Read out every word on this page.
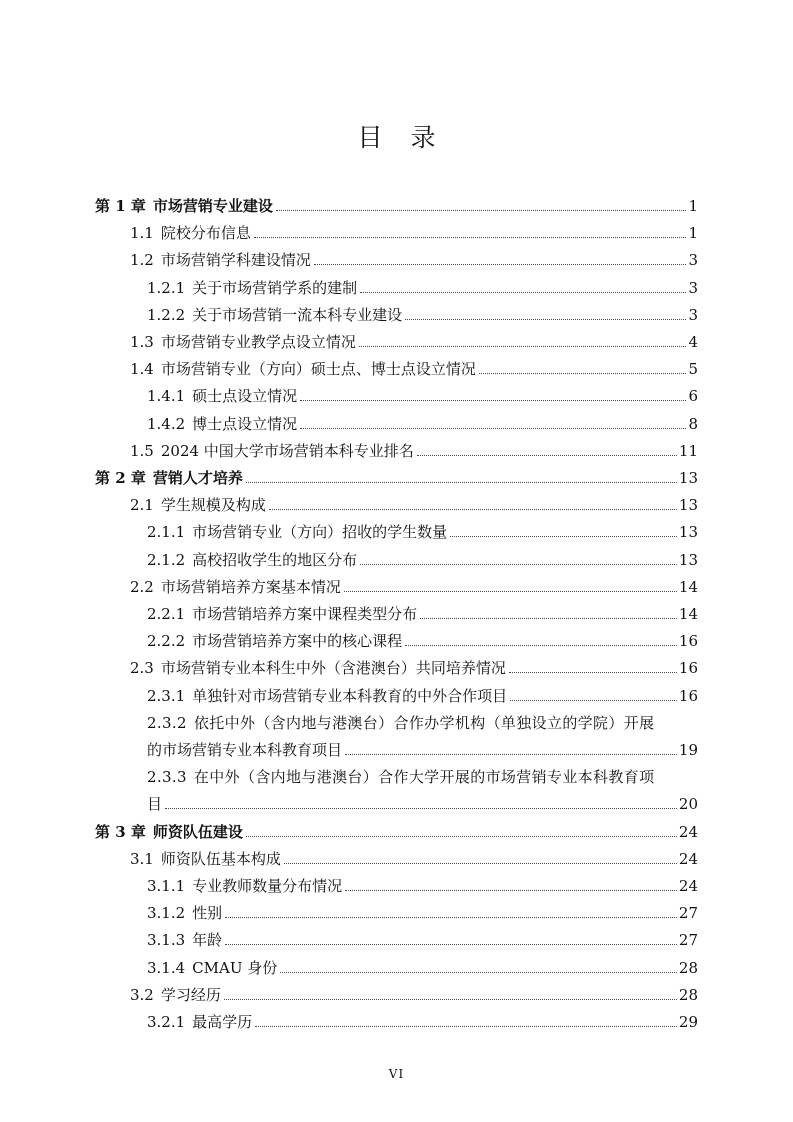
目 录
第 1 章 市场营销专业建设	1
1.1 院校分布信息	1
1.2 市场营销学科建设情况	3
1.2.1 关于市场营销学系的建制	3
1.2.2 关于市场营销一流本科专业建设	3
1.3 市场营销专业教学点设立情况	4
1.4 市场营销专业（方向）硕士点、博士点设立情况	5
1.4.1 硕士点设立情况	6
1.4.2 博士点设立情况	8
1.5 2024 中国大学市场营销本科专业排名	11
第 2 章 营销人才培养	13
2.1 学生规模及构成	13
2.1.1 市场营销专业（方向）招收的学生数量	13
2.1.2 高校招收学生的地区分布	13
2.2 市场营销培养方案基本情况	14
2.2.1 市场营销培养方案中课程类型分布	14
2.2.2 市场营销培养方案中的核心课程	16
2.3 市场营销专业本科生中外（含港澳台）共同培养情况	16
2.3.1 单独针对市场营销专业本科教育的中外合作项目	16
2.3.2 依托中外（含内地与港澳台）合作办学机构（单独设立的学院）开展
的市场营销专业本科教育项目	19
2.3.3 在中外（含内地与港澳台）合作大学开展的市场营销专业本科教育项
目	20
第 3 章 师资队伍建设	24
3.1 师资队伍基本构成	24
3.1.1 专业教师数量分布情况	24
3.1.2 性别	27
3.1.3 年龄	27
3.1.4 CMAU 身份	28
3.2 学习经历	28
3.2.1 最高学历	29
VI
